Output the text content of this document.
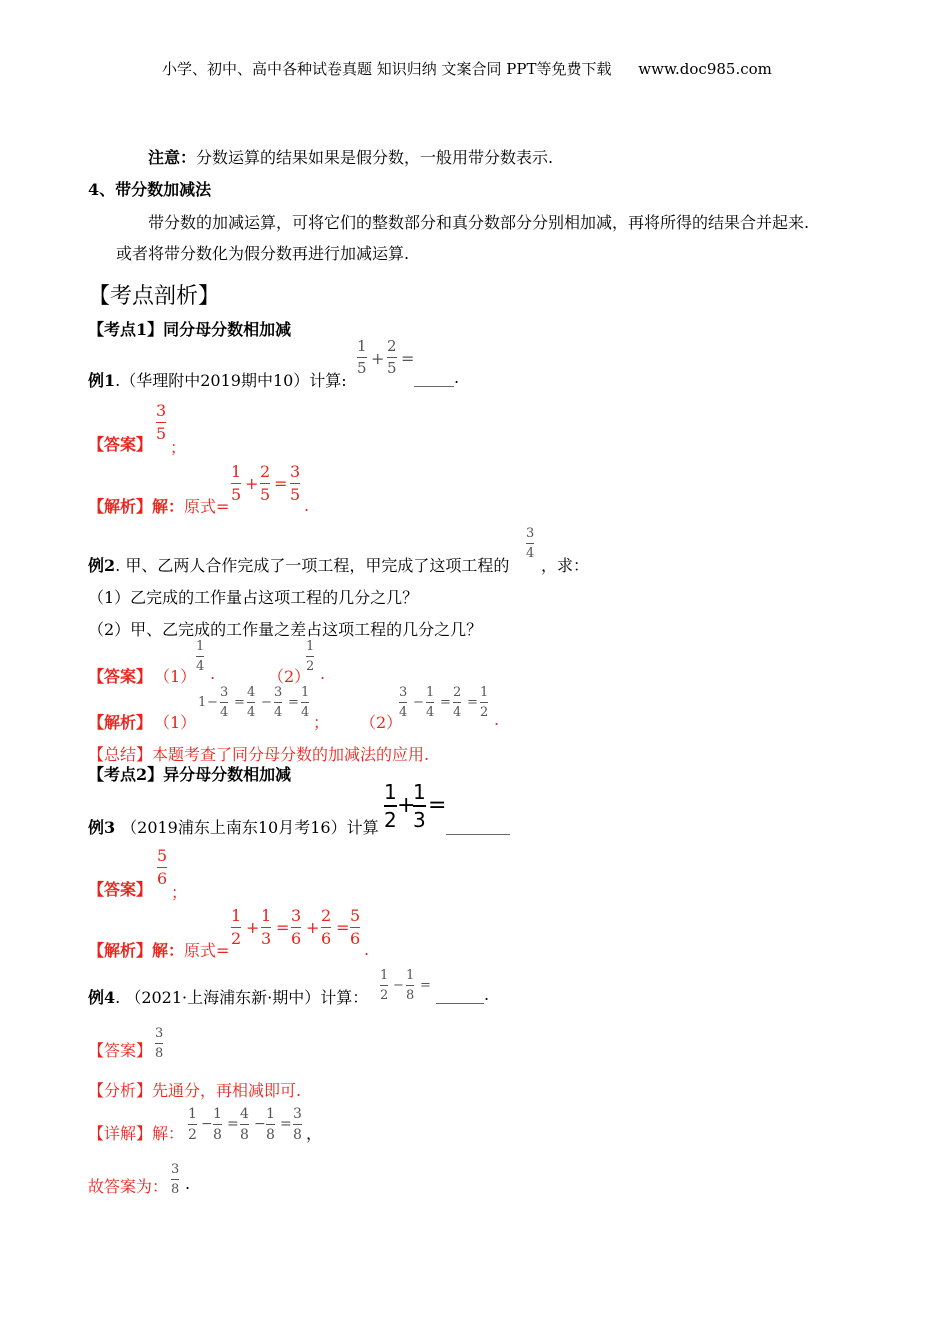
小学、初中、高中各种试卷真题 知识归纳 文案合同 PPT等免费下载 www.doc985.com
注意：分数运算的结果如果是假分数，一般用带分数表示.
4、带分数加减法
带分数的加减运算，可将它们的整数部分和真分数部分分别相加减，再将所得的结果合并起来.
或者将带分数化为假分数再进行加减运算.
【考点剖析】
【考点1】同分母分数相加减
例1.（华理附中2019期中10）计算:
1
5 +
2
5 =
_____.
【答案】
3
5
；
【解析】解：原式=
1
5
+
2
5
=
3
5
.
例2. 甲、乙两人合作完成了一项工程，甲完成了这项工程的
3
4
，求：
（1）乙完成的工作量占这项工程的几分之几？
（2）甲、乙完成的工作量之差占这项工程的几分之几？
【答案】 （1）
1
4 .	（2）
1
2 .
【解析】 （1）
1 −
3
4
=
4
4
−
3
4
=
1
4
； （2）
3
4
−
1
4
=
2
4
=
1
2 .
【总结】本题考查了同分母分数的加减法的应用.
【考点2】异分母分数相加减
例3 （2019浦东上南东10月考16）计算
1
2
+
1
3
=
________
【答案】
5
6
；
【解析】解：原式=
1
2
+
1
3
=
3
6
+
2
6
=
5
6
.
例4. （2021·上海浦东新·期中）计算：
1
2
−
1
8
= ______.
【答案】
3
8
【分析】先通分，再相减即可.
【详解】解：
1
2
−
1
8
=
4
8
−
1
8
=
3
8 ，
故答案为：
3
8 .
